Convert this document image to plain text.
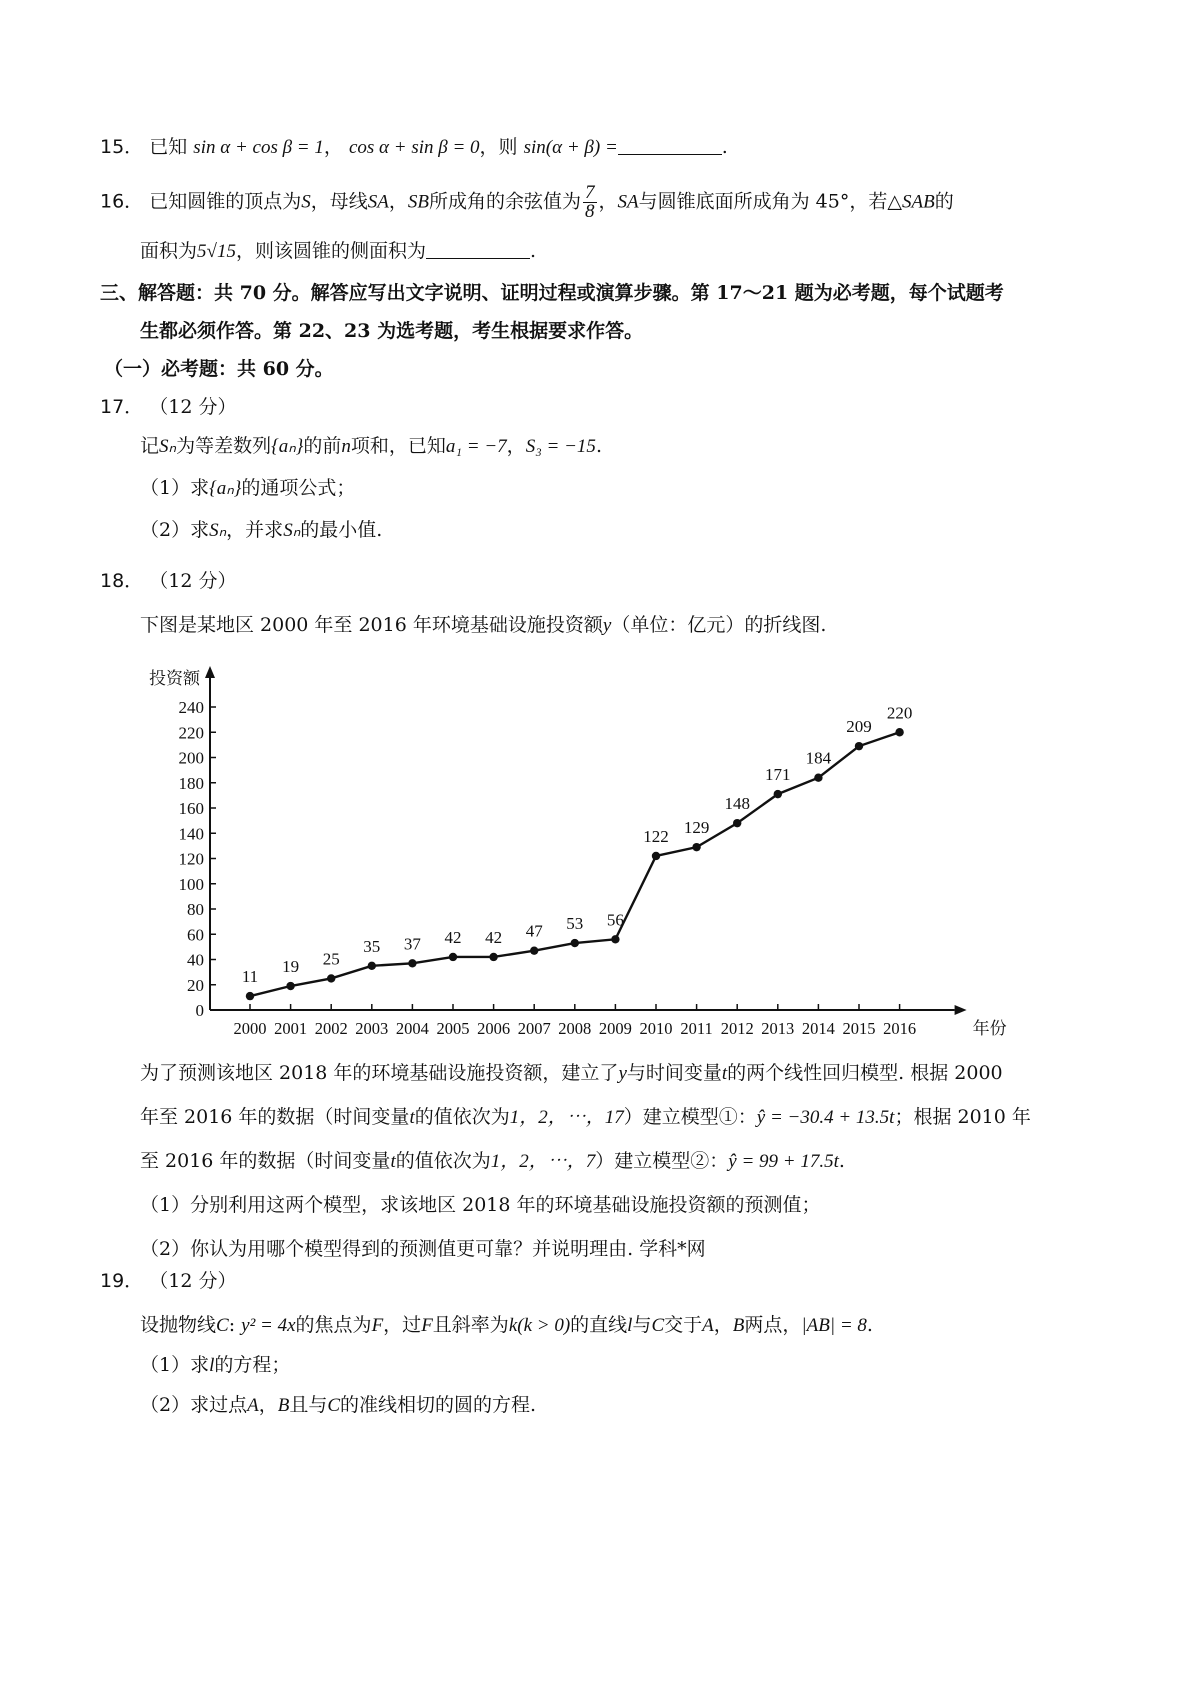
15． 已知 sin α + cos β = 1， cos α + sin β = 0，则 sin(α + β) =	.
16． 已知圆锥的顶点为S，母线SA，SB所成角的余弦值为 $\frac{7}{8}$ ，SA与圆锥底面所成角为 45°，若△SAB的
面积为5√15，则该圆锥的侧面积为	.
三、解答题：共 70 分。解答应写出文字说明、证明过程或演算步骤。第 17～21 题为必考题，每个试题考
生都必须作答。第 22、23 为选考题，考生根据要求作答。
（一）必考题：共 60 分。
17． （12 分）
记Sₙ为等差数列{aₙ}的前n项和，已知a₁ = −7，S₃ = −15.
（1）求{aₙ}的通项公式；
（2）求Sₙ，并求Sₙ的最小值.
18． （12 分）
下图是某地区 2000 年至 2016 年环境基础设施投资额y（单位：亿元）的折线图.
投资额
年份
0
20
40
60
80
100
120
140
160
180
200
220
240
2000 2001 2002 2003 2004 2005 2006 2007 2008 2009 2010 2011 2012 2013 2014 2015 2016
11
19 25
35 37 42 42 47 53 56
122 129
148
171
184
209
220
为了预测该地区 2018 年的环境基础设施投资额，建立了y与时间变量t的两个线性回归模型. 根据 2000
年至 2016 年的数据（时间变量t的值依次为1，2，⋯，17）建立模型①：ŷ = −30.4 + 13.5t；根据 2010 年
至 2016 年的数据（时间变量t的值依次为1，2，⋯，7）建立模型②：ŷ = 99 + 17.5t.
（1）分别利用这两个模型，求该地区 2018 年的环境基础设施投资额的预测值；
（2）你认为用哪个模型得到的预测值更可靠？并说明理由. 学科*网
19． （12 分）
设抛物线C: y² = 4x的焦点为F，过F且斜率为k(k > 0)的直线l与C交于A，B两点，|AB| = 8.
（1）求l的方程；
（2）求过点A，B且与C的准线相切的圆的方程.
